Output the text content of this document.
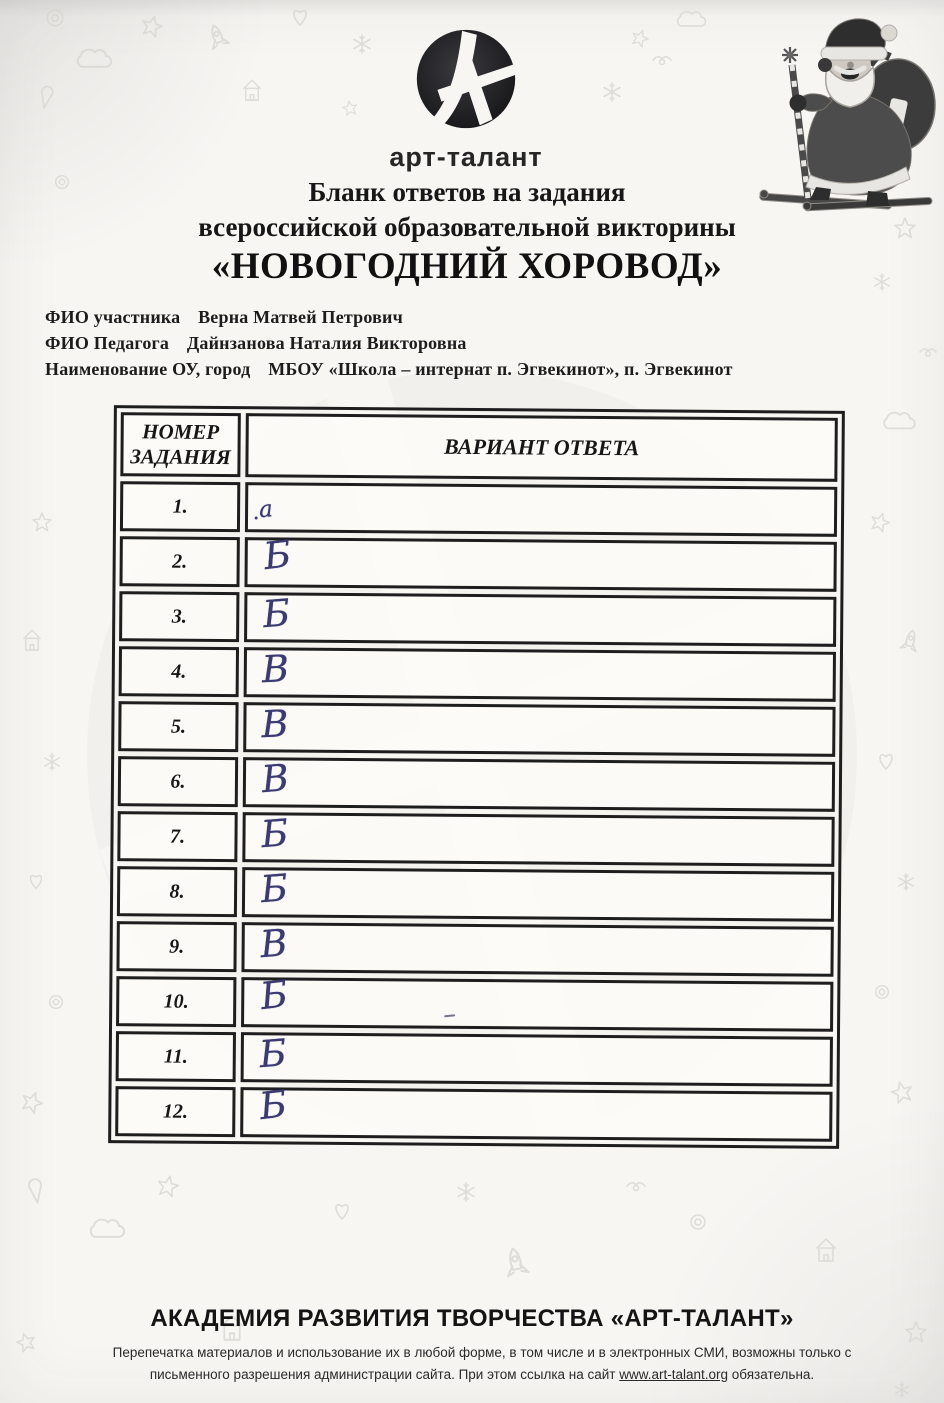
арт-талант
Бланк ответов на задания
всероссийской образовательной викторины
«НОВОГОДНИЙ ХОРОВОД»
ФИО участника Верна Матвей Петрович
ФИО Педагога Дайнзанова Наталия Викторовна
Наименование ОУ, город МБОУ «Школа – интернат п. Эгвекинот», п. Эгвекинот
НОМЕР ЗАДАНИЯ	ВАРИАНТ ОТВЕТА
1.	а
2.	Б
3.	Б
4.	В
5.	В
6.	В
7.	Б
8.	Б
9.	В
10.	Б
11.	Б
12.	Б
АКАДЕМИЯ РАЗВИТИЯ ТВОРЧЕСТВА «АРТ-ТАЛАНТ»
Перепечатка материалов и использование их в любой форме, в том числе и в электронных СМИ, возможны только с письменного разрешения администрации сайта. При этом ссылка на сайт www.art-talant.org обязательна.
